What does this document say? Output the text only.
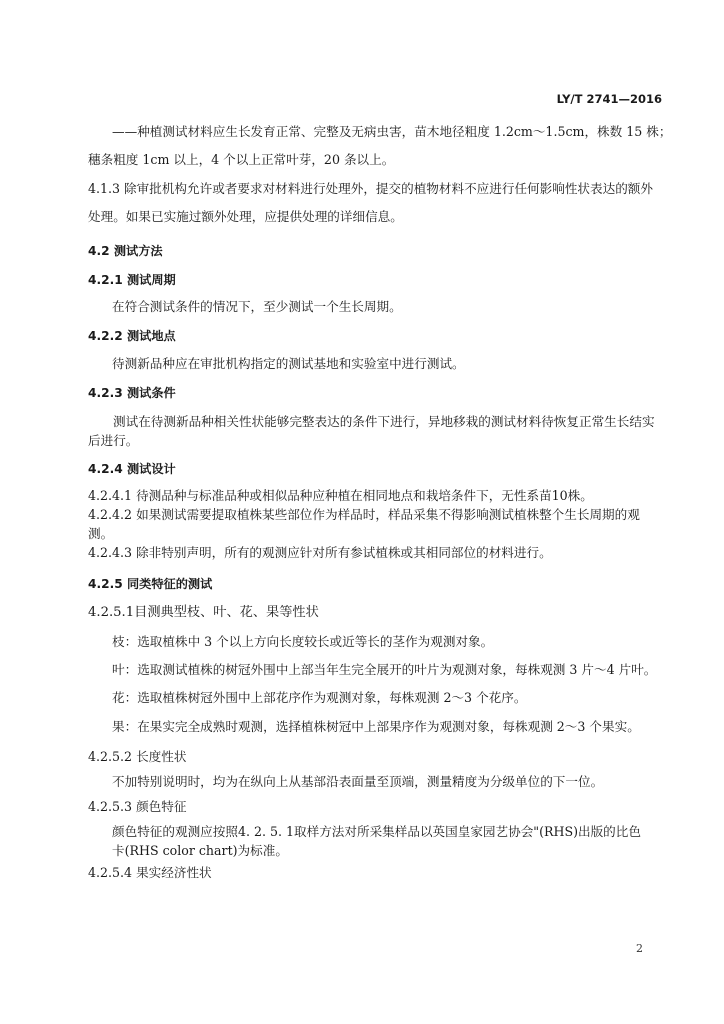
LY/T 2741—2016
——种植测试材料应生长发育正常、完整及无病虫害，苗木地径粗度 1.2cm～1.5cm，株数 15 株；
穗条粗度 1cm 以上，4 个以上正常叶芽，20 条以上。
4.1.3 除审批机构允许或者要求对材料进行处理外，提交的植物材料不应进行任何影响性状表达的额外
处理。如果已实施过额外处理，应提供处理的详细信息。
4.2 测试方法
4.2.1 测试周期
在符合测试条件的情况下，至少测试一个生长周期。
4.2.2 测试地点
待测新品种应在审批机构指定的测试基地和实验室中进行测试。
4.2.3 测试条件
测试在待测新品种相关性状能够完整表达的条件下进行，异地移栽的测试材料待恢复正常生长结实后进行。
4.2.4 测试设计
4.2.4.1 待测品种与标准品种或相似品种应种植在相同地点和栽培条件下，无性系苗10株。
4.2.4.2 如果测试需要提取植株某些部位作为样品时，样品采集不得影响测试植株整个生长周期的观
测。
4.2.4.3 除非特别声明，所有的观测应针对所有参试植株或其相同部位的材料进行。
4.2.5 同类特征的测试
4.2.5.1目测典型枝、叶、花、果等性状
枝：选取植株中 3 个以上方向长度较长或近等长的茎作为观测对象。
叶：选取测试植株的树冠外围中上部当年生完全展开的叶片为观测对象，每株观测 3 片～4 片叶。
花：选取植株树冠外围中上部花序作为观测对象，每株观测 2～3 个花序。
果：在果实完全成熟时观测，选择植株树冠中上部果序作为观测对象，每株观测 2～3 个果实。
4.2.5.2 长度性状
不加特别说明时，均为在纵向上从基部沿表面量至顶端，测量精度为分级单位的下一位。
4.2.5.3 颜色特征
颜色特征的观测应按照4. 2. 5. 1取样方法对所采集样品以英国皇家园艺协会"(RHS)出版的比色
卡(RHS color chart)为标准。
4.2.5.4 果实经济性状
2
